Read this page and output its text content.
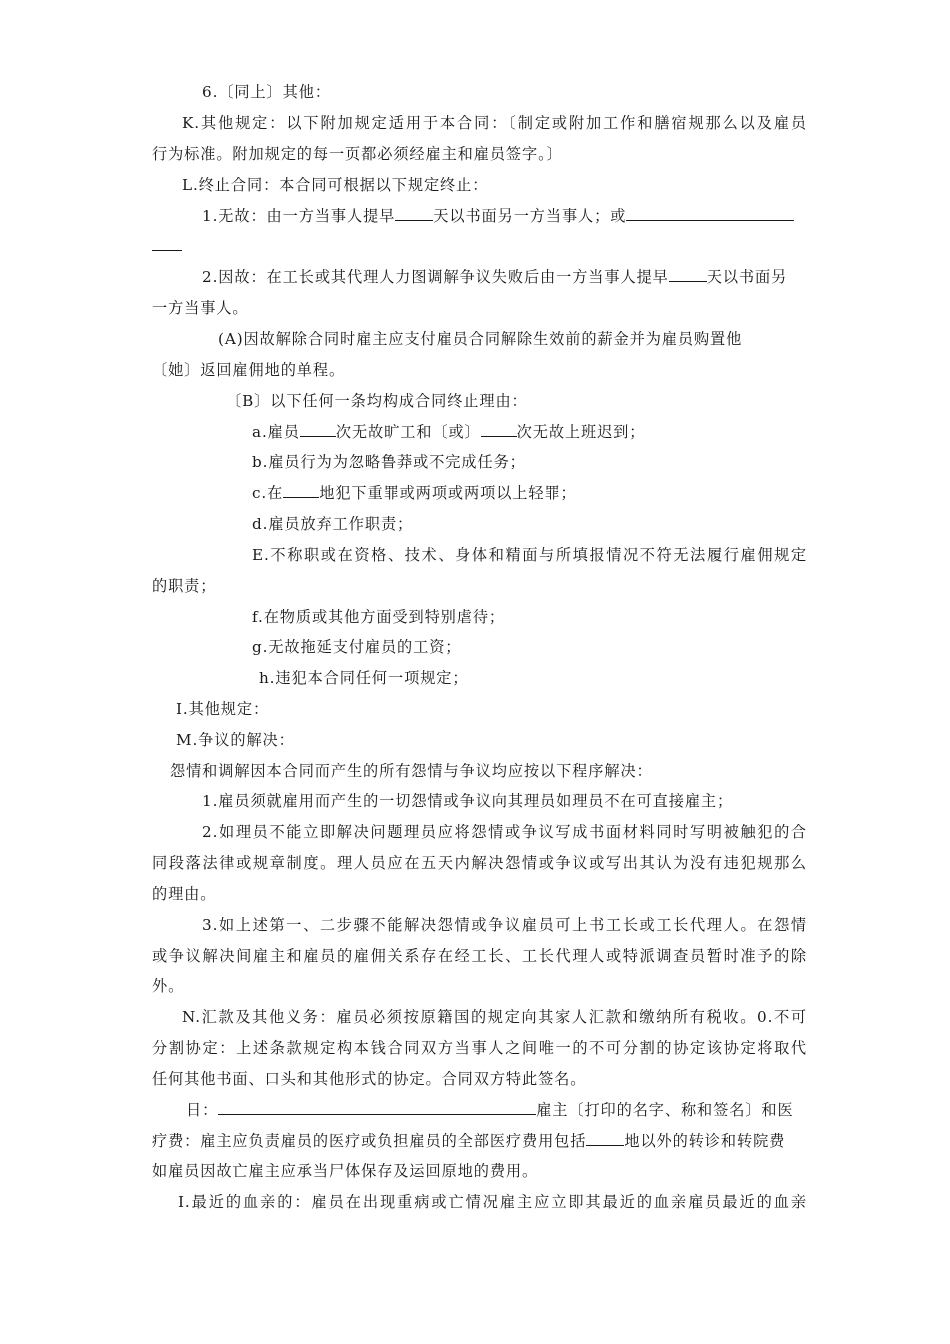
6.〔同上〕其他：
K.其他规定：以下附加规定适用于本合同：〔制定或附加工作和膳宿规那么以及雇员
行为标准。附加规定的每一页都必须经雇主和雇员签字。〕
L.终止合同：本合同可根据以下规定终止：
1.无故：由一方当事人提早	天以书面另一方当事人；或
2.因故：在工长或其代理人力图调解争议失败后由一方当事人提早	天以书面另
一方当事人。
(A)因故解除合同时雇主应支付雇员合同解除生效前的薪金并为雇员购置他
〔她〕返回雇佣地的单程。
〔B〕以下任何一条均构成合同终止理由：
a.雇员 次无故旷工和〔或〕 次无故上班迟到；
b.雇员行为为忽略鲁莽或不完成任务；
c.在 地犯下重罪或两项或两项以上轻罪；
d.雇员放弃工作职责；
E.不称职或在资格、技术、身体和精面与所填报情况不符无法履行雇佣规定
的职责；
f.在物质或其他方面受到特别虐待；
g.无故拖延支付雇员的工资；
h.违犯本合同任何一项规定；
I.其他规定：
M.争议的解决：
怨情和调解因本合同而产生的所有怨情与争议均应按以下程序解决：
1.雇员须就雇用而产生的一切怨情或争议向其理员如理员不在可直接雇主；
2.如理员不能立即解决问题理员应将怨情或争议写成书面材料同时写明被触犯的合
同段落法律或规章制度。理人员应在五天内解决怨情或争议或写出其认为没有违犯规那么
的理由。
3.如上述第一、二步骤不能解决怨情或争议雇员可上书工长或工长代理人。在怨情
或争议解决间雇主和雇员的雇佣关系存在经工长、工长代理人或特派调查员暂时准予的除
外。
N.汇款及其他义务：雇员必须按原籍国的规定向其家人汇款和缴纳所有税收。0.不可
分割协定：上述条款规定构本钱合同双方当事人之间唯一的不可分割的协定该协定将取代
任何其他书面、口头和其他形式的协定。合同双方特此签名。
日：	雇主〔打印的名字、称和签名〕和医
疗费：雇主应负责雇员的医疗或负担雇员的全部医疗费用包括	地以外的转诊和转院费
如雇员因故亡雇主应承当尸体保存及运回原地的费用。
I.最近的血亲的：雇员在出现重病或亡情况雇主应立即其最近的血亲雇员最近的血亲
